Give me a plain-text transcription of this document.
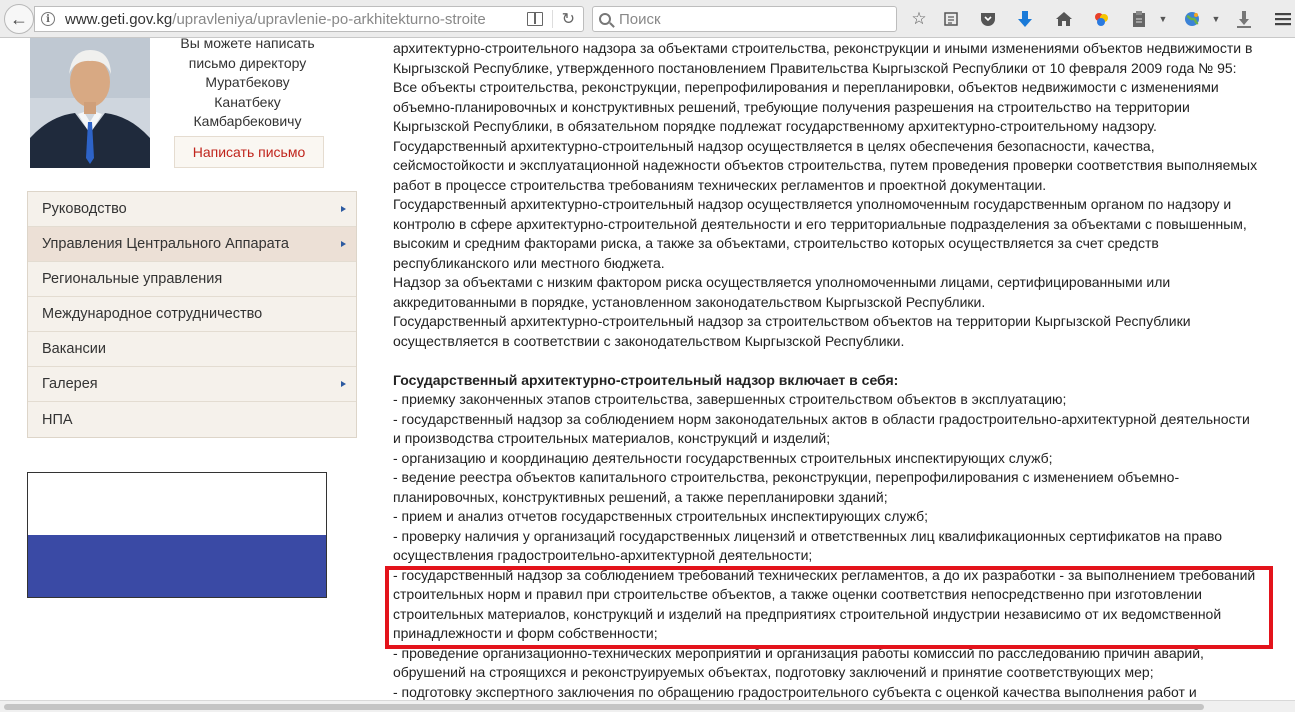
←	i	www.geti.gov.kg/upravleniya/upravlenie-po-arkhitekturno-stroite	↻	Поиск	☆	▼	▼
Вы можете написать
письмо директору
Муратбекову
Канатбеку
Камбарбековичу
Написать письмо
Руководство
Управления Центрального Аппарата
Региональные управления
Международное сотрудничество
Вакансии
Галерея
НПА

архитектурно-строительного надзора за объектами строительства, реконструкции и иными изменениями объектов недвижимости в

Кыргызской Республике, утвержденного постановлением Правительства Кыргызской Республики от 10 февраля 2009 года № 95:

Все объекты строительства, реконструкции, перепрофилирования и перепланировки, объектов недвижимости с изменениями

объемно-планировочных и конструктивных решений, требующие получения разрешения на строительство на территории

Кыргызской Республики, в обязательном порядке подлежат государственному архитектурно-строительному надзору.

Государственный архитектурно-строительный надзор осуществляется в целях обеспечения безопасности, качества,

сейсмостойкости и эксплуатационной надежности объектов строительства, путем проведения проверки соответствия выполняемых

работ в процессе строительства требованиям технических регламентов и проектной документации.

Государственный архитектурно-строительный надзор осуществляется уполномоченным государственным органом по надзору и

контролю в сфере архитектурно-строительной деятельности и его территориальные подразделения за объектами с повышенным,

высоким и средним факторами риска, а также за объектами, строительство которых осуществляется за счет средств

республиканского или местного бюджета.

Надзор за объектами с низким фактором риска осуществляется уполномоченными лицами, сертифицированными или

аккредитованными в порядке, установленном законодательством Кыргызской Республики.

Государственный архитектурно-строительный надзор за строительством объектов на территории Кыргызской Республики

осуществляется в соответствии с законодательством Кыргызской Республики.

Государственный архитектурно-строительный надзор включает в себя:

- приемку законченных этапов строительства, завершенных строительством объектов в эксплуатацию;

- государственный надзор за соблюдением норм законодательных актов в области градостроительно-архитектурной деятельности

и производства строительных материалов, конструкций и изделий;

- организацию и координацию деятельности государственных строительных инспектирующих служб;

- ведение реестра объектов капитального строительства, реконструкции, перепрофилирования с изменением объемно-

планировочных, конструктивных решений, а также перепланировки зданий;

- прием и анализ отчетов государственных строительных инспектирующих служб;

- проверку наличия у организаций государственных лицензий и ответственных лиц квалификационных сертификатов на право

осуществления градостроительно-архитектурной деятельности;

- государственный надзор за соблюдением требований технических регламентов, а до их разработки - за выполнением требований

строительных норм и правил при строительстве объектов, а также оценки соответствия непосредственно при изготовлении

строительных материалов, конструкций и изделий на предприятиях строительной индустрии независимо от их ведомственной

принадлежности и форм собственности;

- проведение организационно-технических мероприятий и организация работы комиссий по расследованию причин аварий,

обрушений на строящихся и реконструируемых объектах, подготовку заключений и принятие соответствующих мер;

- подготовку экспертного заключения по обращению градостроительного субъекта с оценкой качества выполнения работ и
